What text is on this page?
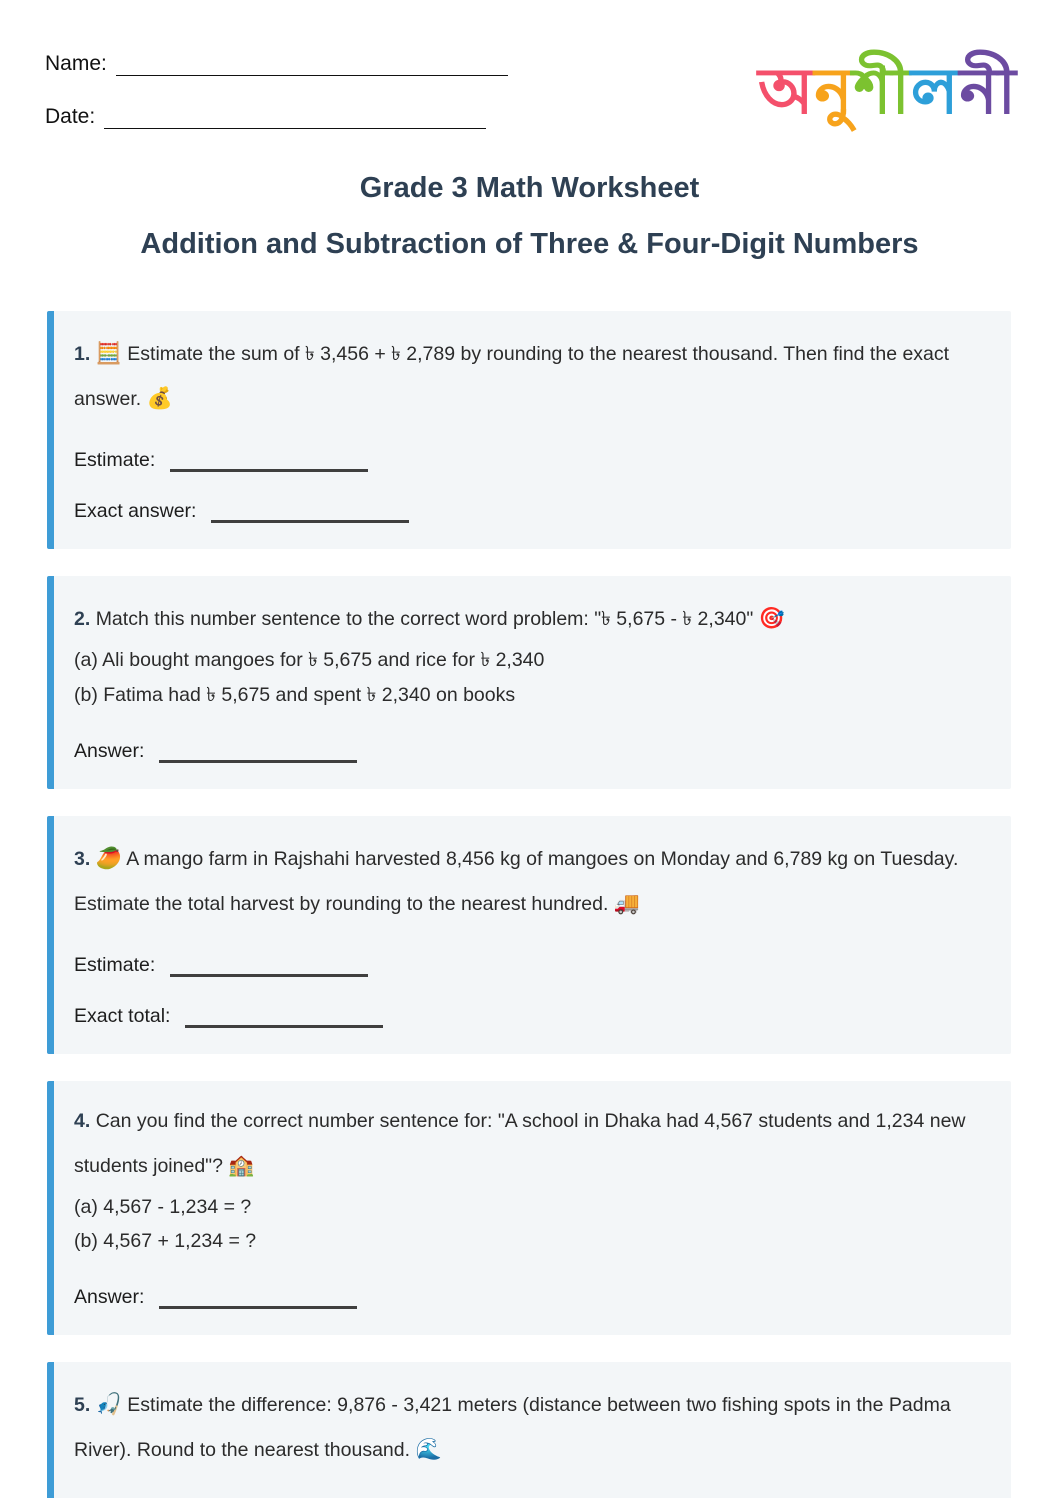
Name:
Date:	অনুশীলনী
Grade 3 Math Worksheet
Addition and Subtraction of Three & Four-Digit Numbers

1. 🧮 Estimate the sum of ৳ 3,456 + ৳ 2,789 by rounding to the nearest thousand. Then find the exact answer. 💰

Estimate:
Exact answer:

2. Match this number sentence to the correct word problem: "৳ 5,675 - ৳ 2,340" 🎯

(a) Ali bought mangoes for ৳ 5,675 and rice for ৳ 2,340
(b) Fatima had ৳ 5,675 and spent ৳ 2,340 on books
Answer:

3. 🥭 A mango farm in Rajshahi harvested 8,456 kg of mangoes on Monday and 6,789 kg on Tuesday. Estimate the total harvest by rounding to the nearest hundred. 🚚

Estimate:
Exact total:

4. Can you find the correct number sentence for: "A school in Dhaka had 4,567 students and 1,234 new students joined"? 🏫

(a) 4,567 - 1,234 = ?
(b) 4,567 + 1,234 = ?
Answer:

5. 🎣 Estimate the difference: 9,876 - 3,421 meters (distance between two fishing spots in the Padma River). Round to the nearest thousand. 🌊
